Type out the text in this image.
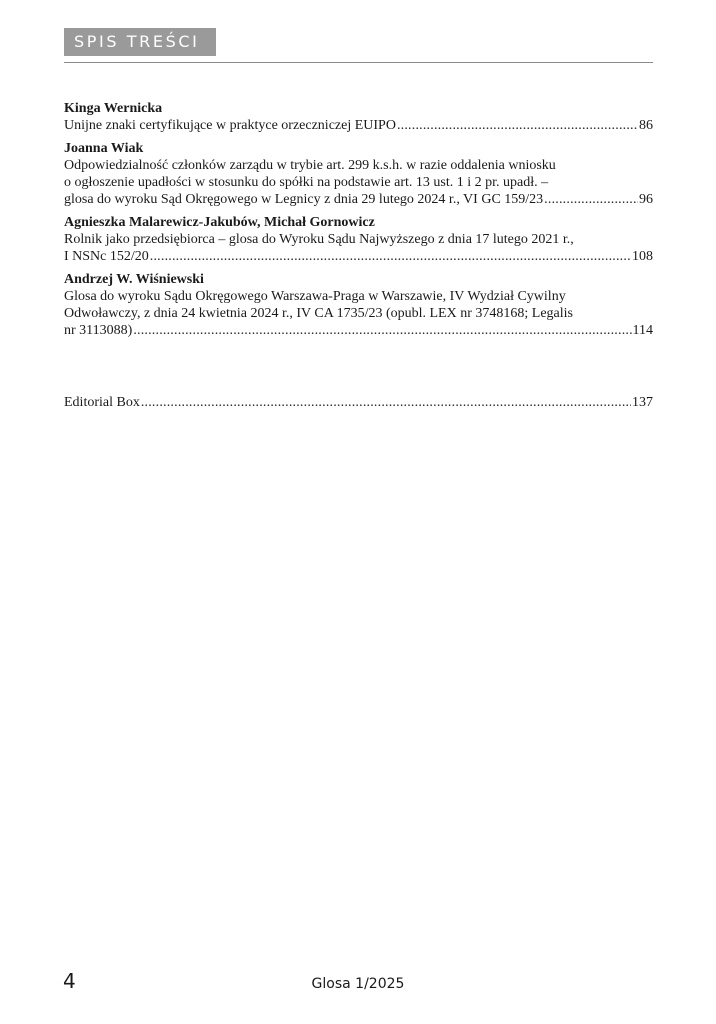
SPIS TREŚCI
Kinga Wernicka
Unijne znaki certyfikujące w praktyce orzeczniczej EUIPO .....	86
Joanna Wiak
Odpowiedzialność członków zarządu w trybie art. 299 k.s.h. w razie oddalenia wniosku
o ogłoszenie upadłości w stosunku do spółki na podstawie art. 13 ust. 1 i 2 pr. upadł. –
glosa do wyroku Sąd Okręgowego w Legnicy z dnia 29 lutego 2024 r., VI GC 159/23 .....	96
Agnieszka Malarewicz-Jakubów, Michał Gornowicz
Rolnik jako przedsiębiorca – glosa do Wyroku Sądu Najwyższego z dnia 17 lutego 2021 r.,
I NSNc 152/20 .....	108
Andrzej W. Wiśniewski
Glosa do wyroku Sądu Okręgowego Warszawa-Praga w Warszawie, IV Wydział Cywilny
Odwoławczy, z dnia 24 kwietnia 2024 r., IV CA 1735/23 (opubl. LEX nr 3748168; Legalis
nr 3113088) .....	114
Editorial Box .....	137
4	Glosa 1/2025
